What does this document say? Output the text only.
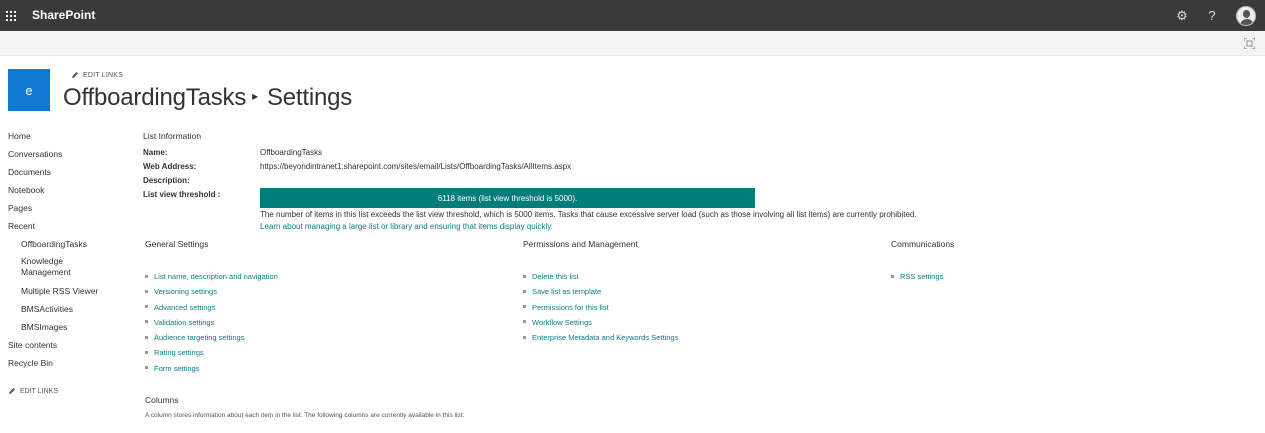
SharePoint	⚙	?
e
EDIT LINKS
OffboardingTasks ▸ Settings
Home
Conversations
Documents
Notebook
Pages
Recent
OffboardingTasks
Knowledge Management
Multiple RSS Viewer
BMSActivities
BMSImages
Site contents
Recycle Bin
EDIT LINKS
List Information
Name:	OffboardingTasks
Web Address:	https://beyondintranet1.sharepoint.com/sites/email/Lists/OffboardingTasks/AllItems.aspx
Description:
List view threshold :	6118 items (list view threshold is 5000).
The number of items in this list exceeds the list view threshold, which is 5000 items. Tasks that cause excessive server load (such as those involving all list items) are currently prohibited.
Learn about managing a large list or library and ensuring that items display quickly.
General Settings
List name, description and navigation
Versioning settings
Advanced settings
Validation settings
Audience targeting settings
Rating settings
Form settings
Permissions and Management
Delete this list
Save list as template
Permissions for this list
Workflow Settings
Enterprise Metadata and Keywords Settings
Communications
RSS settings
Columns
A column stores information about each item in the list. The following columns are currently available in this list:
